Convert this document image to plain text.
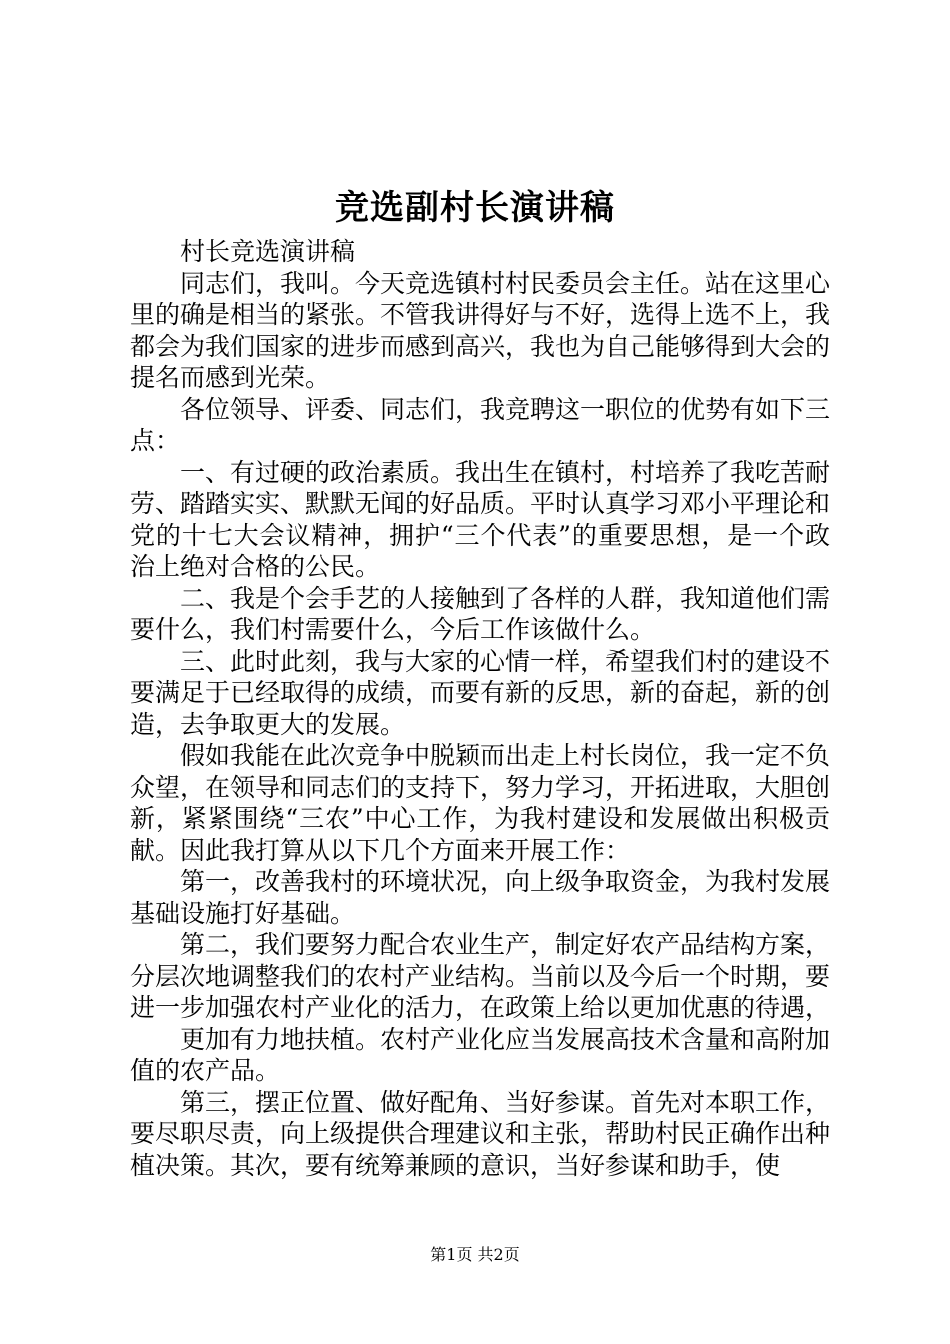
竞选副村长演讲稿

村长竞选演讲稿

同志们，我叫。今天竞选镇村村民委员会主任。站在这里心里的确是相当的紧张。不管我讲得好与不好，选得上选不上，我都会为我们国家的进步而感到高兴，我也为自己能够得到大会的提名而感到光荣。

各位领导、评委、同志们，我竞聘这一职位的优势有如下三点：

一、有过硬的政治素质。我出生在镇村，村培养了我吃苦耐劳、踏踏实实、默默无闻的好品质。平时认真学习邓小平理论和党的十七大会议精神，拥护“三个代表”的重要思想，是一个政治上绝对合格的公民。

二、我是个会手艺的人接触到了各样的人群，我知道他们需要什么，我们村需要什么，今后工作该做什么。

三、此时此刻，我与大家的心情一样，希望我们村的建设不要满足于已经取得的成绩，而要有新的反思，新的奋起，新的创造，去争取更大的发展。

假如我能在此次竞争中脱颖而出走上村长岗位，我一定不负众望，在领导和同志们的支持下，努力学习，开拓进取，大胆创新，紧紧围绕“三农”中心工作，为我村建设和发展做出积极贡献。因此我打算从以下几个方面来开展工作：

第一，改善我村的环境状况，向上级争取资金，为我村发展基础设施打好基础。

第二，我们要努力配合农业生产，制定好农产品结构方案，分层次地调整我们的农村产业结构。当前以及今后一个时期，要进一步加强农村产业化的活力，在政策上给以更加优惠的待遇，

更加有力地扶植。农村产业化应当发展高技术含量和高附加值的农产品。

第三，摆正位置、做好配角、当好参谋。首先对本职工作，要尽职尽责，向上级提供合理建议和主张，帮助村民正确作出种植决策。其次，要有统筹兼顾的意识，当好参谋和助手，使

第1页 共2页
